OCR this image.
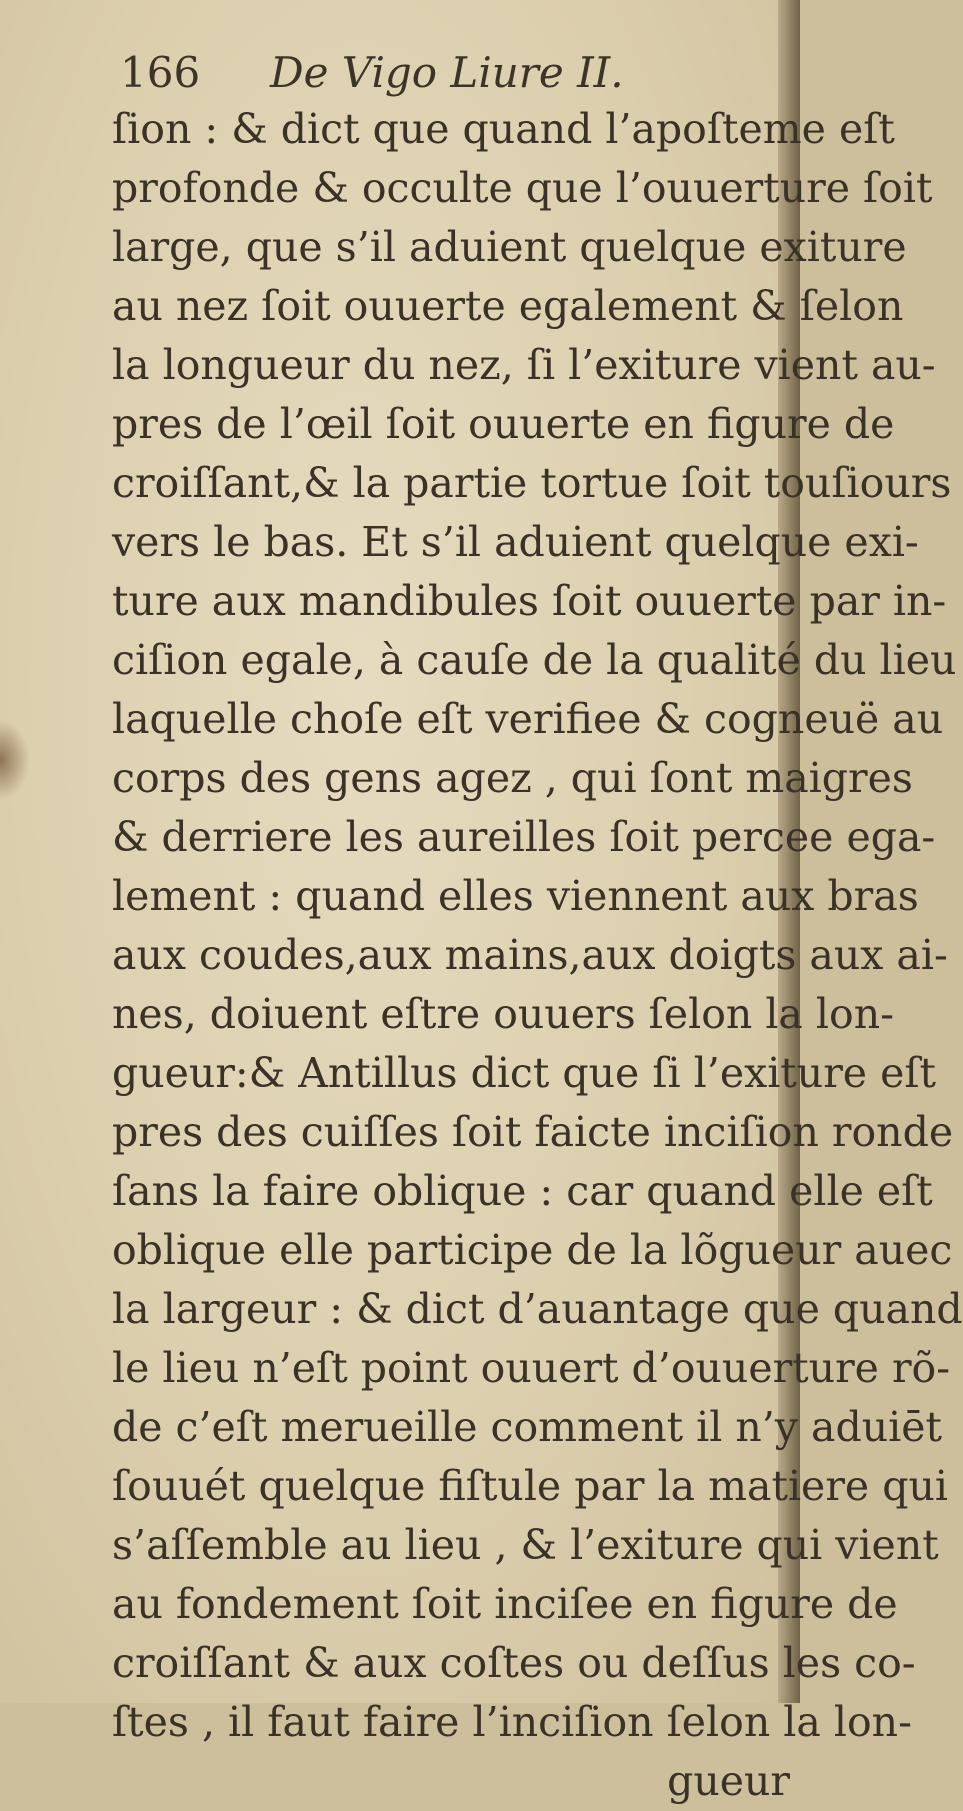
166 De Vigo Liure II.
ſion : & dict que quand l’apoſteme eſt
profonde & occulte que l’ouuerture ſoit
large, que s’il aduient quelque exiture
au nez ſoit ouuerte egalement & ſelon
la longueur du nez, ſi l’exiture vient au-
pres de l’œil ſoit ouuerte en figure de
croiſſant,& la partie tortue ſoit touſiours
vers le bas. Et s’il aduient quelque exi-
ture aux mandibules ſoit ouuerte par in-
ciſion egale, à cauſe de la qualité du lieu
laquelle choſe eſt verifiee & cogneuë au
corps des gens agez , qui ſont maigres
& derriere les aureilles ſoit percee ega-
lement : quand elles viennent aux bras
aux coudes,aux mains,aux doigts aux ai-
nes, doiuent eſtre ouuers ſelon la lon-
gueur:& Antillus dict que ſi l’exiture eſt
pres des cuiſſes ſoit faicte inciſion ronde
ſans la faire oblique : car quand elle eſt
oblique elle participe de la lõgueur auec
la largeur : & dict d’auantage que quand
le lieu n’eſt point ouuert d’ouuerture rõ-
de c’eſt merueille comment il n’y aduiēt
ſouuét quelque fiſtule par la matiere qui
s’aſſemble au lieu , & l’exiture qui vient
au fondement ſoit inciſee en figure de
croiſſant & aux coſtes ou deſſus les co-
ſtes , il faut faire l’inciſion ſelon la lon-
gueur
